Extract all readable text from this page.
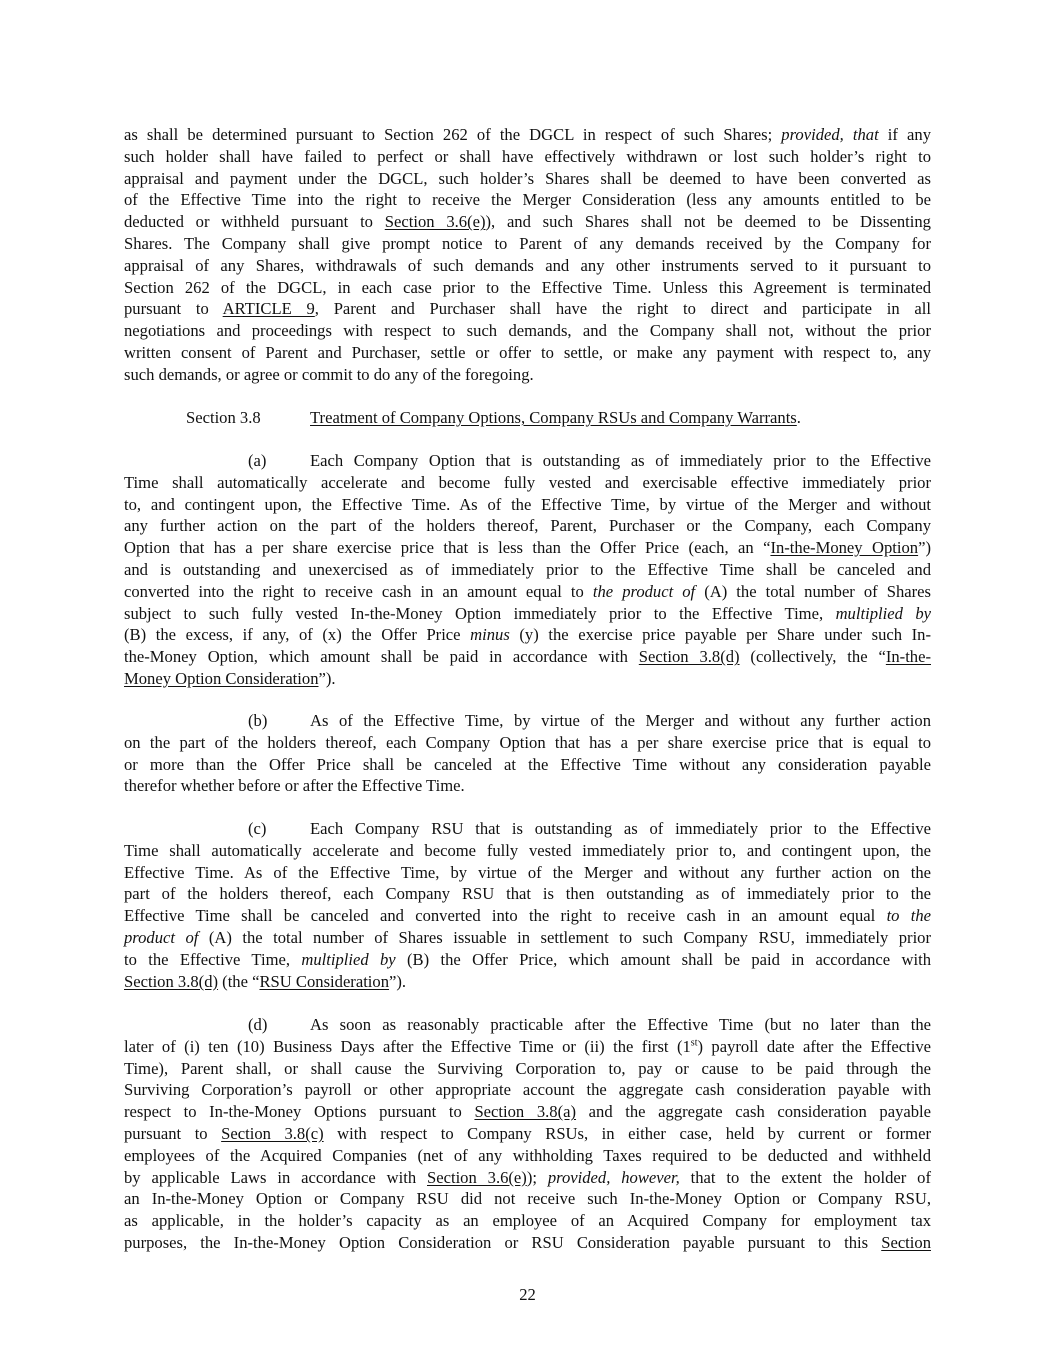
as shall be determined pursuant to Section 262 of the DGCL in respect of such Shares; provided, that if any
such holder shall have failed to perfect or shall have effectively withdrawn or lost such holder’s right to
appraisal and payment under the DGCL, such holder’s Shares shall be deemed to have been converted as
of the Effective Time into the right to receive the Merger Consideration (less any amounts entitled to be
deducted or withheld pursuant to Section 3.6(e)), and such Shares shall not be deemed to be Dissenting
Shares. The Company shall give prompt notice to Parent of any demands received by the Company for
appraisal of any Shares, withdrawals of such demands and any other instruments served to it pursuant to
Section 262 of the DGCL, in each case prior to the Effective Time. Unless this Agreement is terminated
pursuant to ARTICLE 9, Parent and Purchaser shall have the right to direct and participate in all
negotiations and proceedings with respect to such demands, and the Company shall not, without the prior
written consent of Parent and Purchaser, settle or offer to settle, or make any payment with respect to, any
such demands, or agree or commit to do any of the foregoing.
Section 3.8	Treatment of Company Options, Company RSUs and Company Warrants.
(a)	Each Company Option that is outstanding as of immediately prior to the Effective
Time shall automatically accelerate and become fully vested and exercisable effective immediately prior
to, and contingent upon, the Effective Time. As of the Effective Time, by virtue of the Merger and without
any further action on the part of the holders thereof, Parent, Purchaser or the Company, each Company
Option that has a per share exercise price that is less than the Offer Price (each, an “In-the-Money Option”)
and is outstanding and unexercised as of immediately prior to the Effective Time shall be canceled and
converted into the right to receive cash in an amount equal to the product of (A) the total number of Shares
subject to such fully vested In-the-Money Option immediately prior to the Effective Time, multiplied by
(B) the excess, if any, of (x) the Offer Price minus (y) the exercise price payable per Share under such In-
the-Money Option, which amount shall be paid in accordance with Section 3.8(d) (collectively, the “In-the-
Money Option Consideration”).
(b)	As of the Effective Time, by virtue of the Merger and without any further action
on the part of the holders thereof, each Company Option that has a per share exercise price that is equal to
or more than the Offer Price shall be canceled at the Effective Time without any consideration payable
therefor whether before or after the Effective Time.
(c)	Each Company RSU that is outstanding as of immediately prior to the Effective
Time shall automatically accelerate and become fully vested immediately prior to, and contingent upon, the
Effective Time. As of the Effective Time, by virtue of the Merger and without any further action on the
part of the holders thereof, each Company RSU that is then outstanding as of immediately prior to the
Effective Time shall be canceled and converted into the right to receive cash in an amount equal to the
product of (A) the total number of Shares issuable in settlement to such Company RSU, immediately prior
to the Effective Time, multiplied by (B) the Offer Price, which amount shall be paid in accordance with
Section 3.8(d) (the “RSU Consideration”).
(d)	As soon as reasonably practicable after the Effective Time (but no later than the
later of (i) ten (10) Business Days after the Effective Time or (ii) the first (1st) payroll date after the Effective
Time), Parent shall, or shall cause the Surviving Corporation to, pay or cause to be paid through the
Surviving Corporation’s payroll or other appropriate account the aggregate cash consideration payable with
respect to In-the-Money Options pursuant to Section 3.8(a) and the aggregate cash consideration payable
pursuant to Section 3.8(c) with respect to Company RSUs, in either case, held by current or former
employees of the Acquired Companies (net of any withholding Taxes required to be deducted and withheld
by applicable Laws in accordance with Section 3.6(e)); provided, however, that to the extent the holder of
an In-the-Money Option or Company RSU did not receive such In-the-Money Option or Company RSU,
as applicable, in the holder’s capacity as an employee of an Acquired Company for employment tax
purposes, the In-the-Money Option Consideration or RSU Consideration payable pursuant to this Section
22
